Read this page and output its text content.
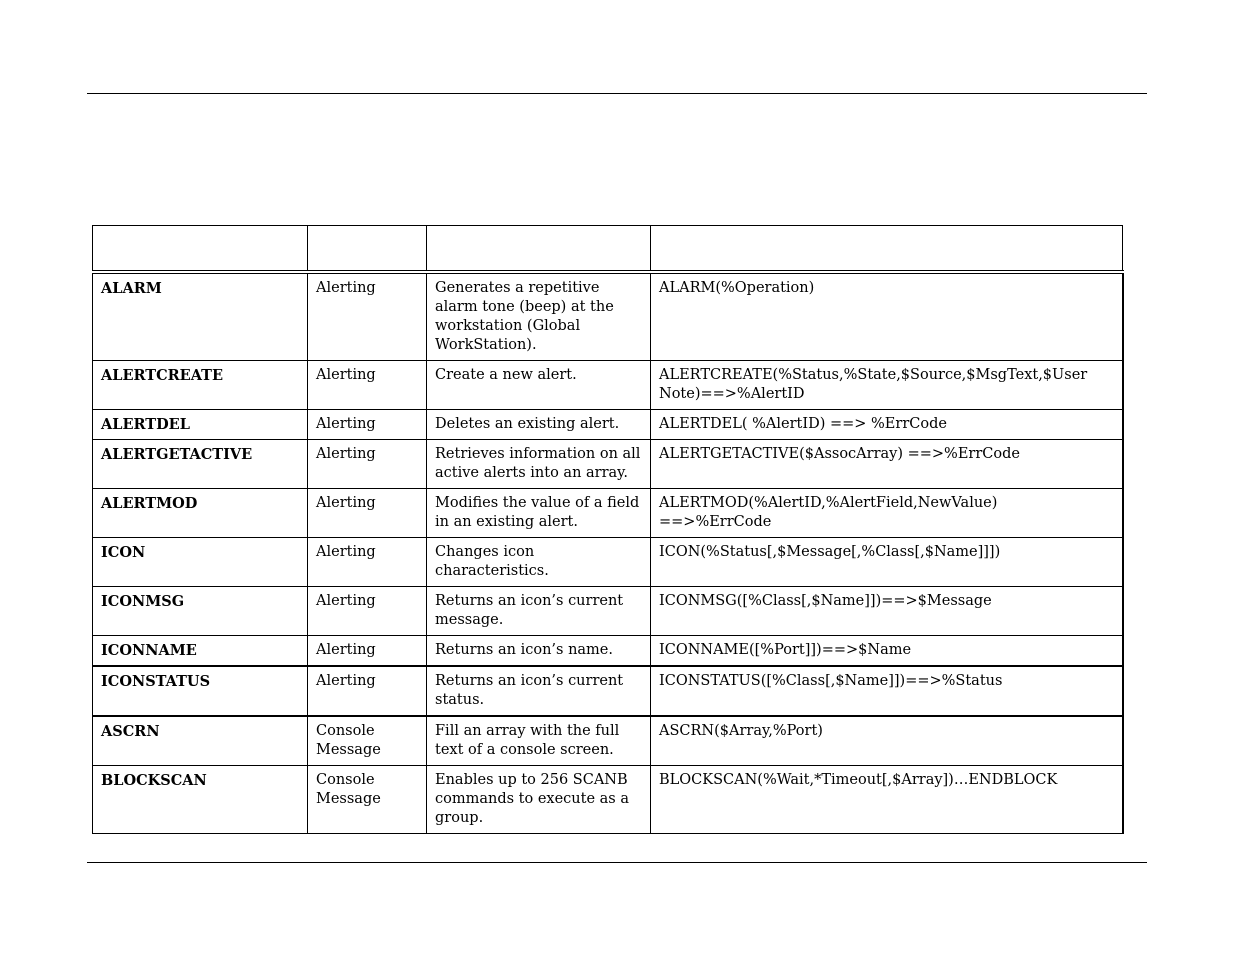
ALARM	Alerting	Generates a repetitive alarm tone (beep) at the workstation (Global WorkStation).	ALARM(%Operation)
ALERTCREATE	Alerting	Create a new alert.	ALERTCREATE(%Status,%State,$Source,$MsgText,$User Note)==>%AlertID
ALERTDEL	Alerting	Deletes an existing alert.	ALERTDEL( %AlertID) ==> %ErrCode
ALERTGETACTIVE	Alerting	Retrieves information on all active alerts into an array.	ALERTGETACTIVE($AssocArray) ==>%ErrCode
ALERTMOD	Alerting	Modifies the value of a field in an existing alert.	ALERTMOD(%AlertID,%AlertField,NewValue) ==>%ErrCode
ICON	Alerting	Changes icon characteristics.	ICON(%Status[,$Message[,%Class[,$Name]]])
ICONMSG	Alerting	Returns an icon’s current message.	ICONMSG([%Class[,$Name]])==>$Message
ICONNAME	Alerting	Returns an icon’s name.	ICONNAME([%Port]])==>$Name
ICONSTATUS	Alerting	Returns an icon’s current status.	ICONSTATUS([%Class[,$Name]])==>%Status
ASCRN	Console Message	Fill an array with the full text of a console screen.	ASCRN($Array,%Port)
BLOCKSCAN	Console Message	Enables up to 256 SCANB commands to execute as a group.	BLOCKSCAN(%Wait,*Timeout[,$Array])…ENDBLOCK
